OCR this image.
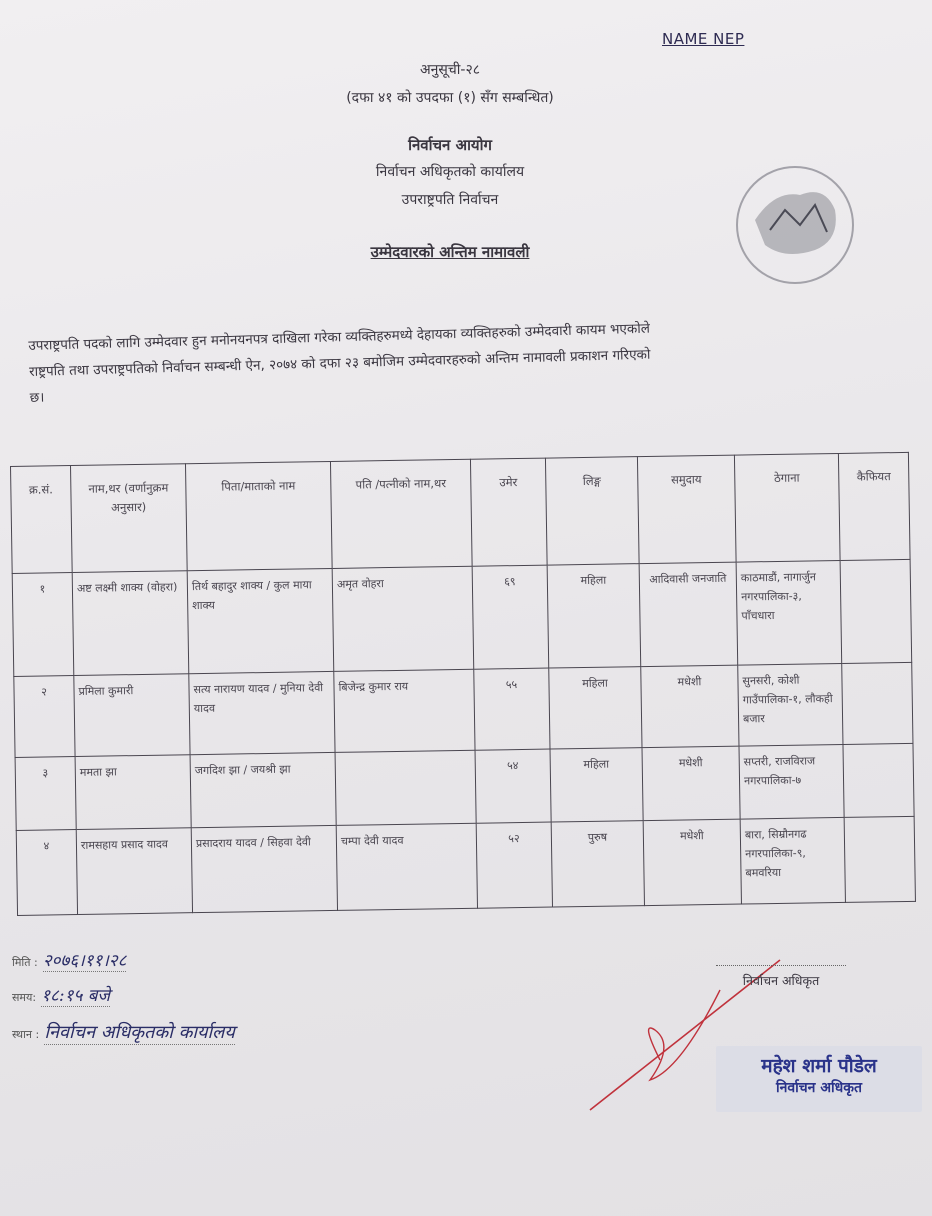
NAME NEP
अनुसूची-२८
(दफा ४१ को उपदफा (१) सँग सम्बन्धित)
निर्वाचन आयोग
निर्वाचन अधिकृतको कार्यालय
उपराष्ट्रपति निर्वाचन
उम्मेदवारको अन्तिम नामावली
उपराष्ट्रपति पदको लागि उम्मेदवार हुन मनोनयनपत्र दाखिला गरेका व्यक्तिहरुमध्ये देहायका व्यक्तिहरुको उम्मेदवारी कायम भएकोले राष्ट्रपति तथा उपराष्ट्रपतिको निर्वाचन सम्बन्धी ऐन, २०७४ को दफा २३ बमोजिम उम्मेदवारहरुको अन्तिम नामावली प्रकाशन गरिएको छ।
क्र.सं.	नाम,थर (वर्णानुक्रम अनुसार)	पिता/माताको नाम	पति /पत्नीको नाम,थर	उमेर	लिङ्ग	समुदाय	ठेगाना	कैफियत
१	अष्ट लक्ष्मी शाक्य (वोहरा)	तिर्थ बहादुर शाक्य / कुल माया शाक्य	अमृत वोहरा	६९	महिला	आदिवासी जनजाति	काठमाडौं, नागार्जुन नगरपालिका-३, पाँचधारा	
२	प्रमिला कुमारी	सत्य नारायण यादव / मुनिया देवी यादव	बिजेन्द्र कुमार राय	५५	महिला	मधेशी	सुनसरी, कोशी गाउँपालिका-१, लौकही बजार	
३	ममता झा	जगदिश झा / जयश्री झा		५४	महिला	मधेशी	सप्तरी, राजविराज नगरपालिका-७	
४	रामसहाय प्रसाद यादव	प्रसादराय यादव / सिहवा देवी	चम्पा देवी यादव	५२	पुरुष	मधेशी	बारा, सिम्रौनगढ नगरपालिका-९, बमवरिया	
मिति : २०७६।११।२८
समय: १८:१५ बजे
स्थान : निर्वाचन अधिकृतको कार्यालय
निर्वाचन अधिकृत
महेश शर्मा पौडेल
निर्वाचन अधिकृत
